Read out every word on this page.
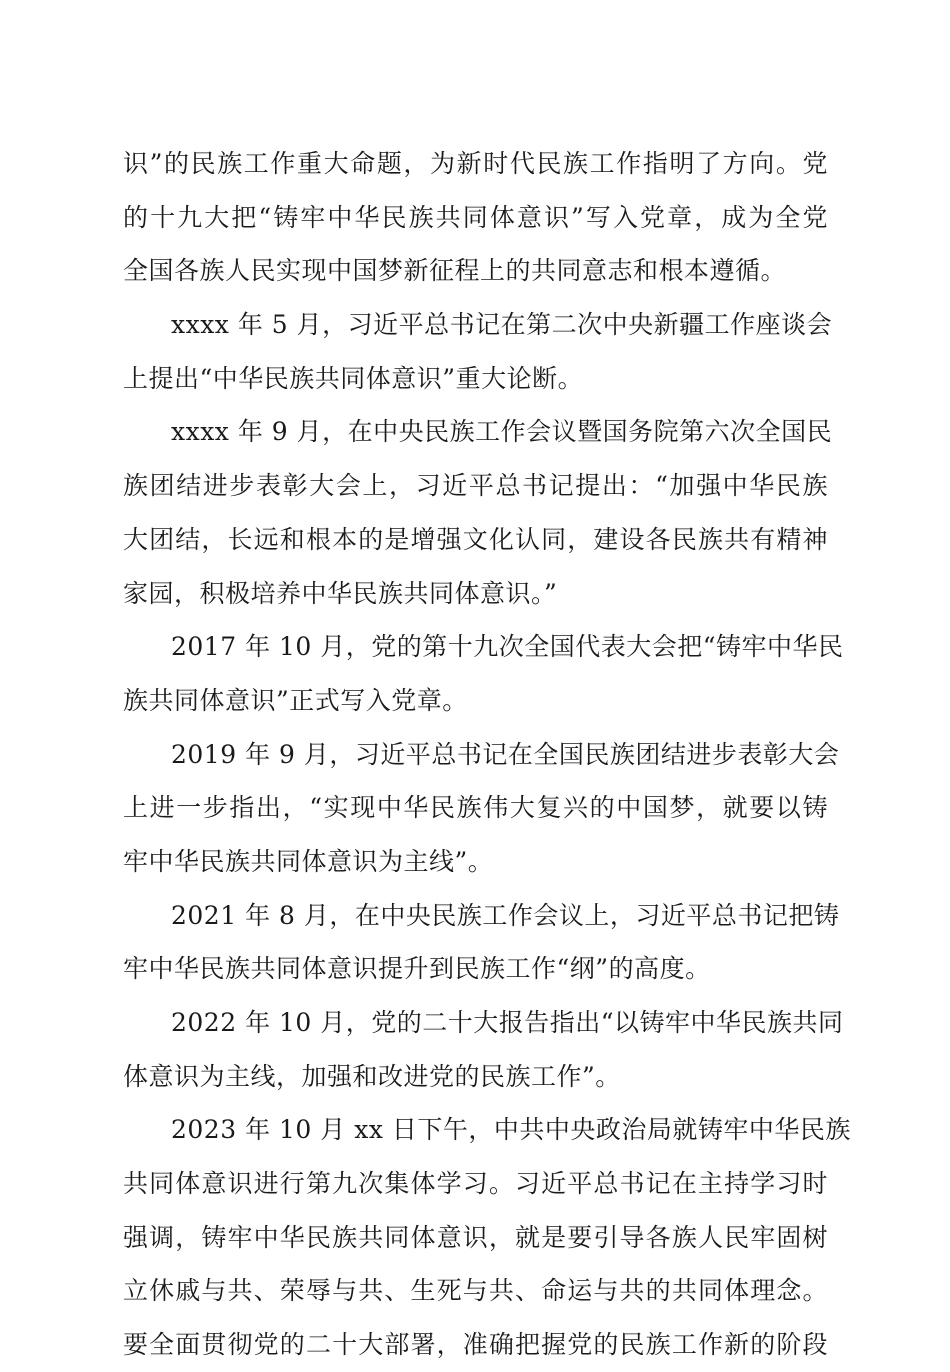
识”的民族工作重大命题，为新时代民族工作指明了方向。党
的十九大把“铸牢中华民族共同体意识”写入党章，成为全党
全国各族人民实现中国梦新征程上的共同意志和根本遵循。
xxxx 年 5 月，习近平总书记在第二次中央新疆工作座谈会
上提出“中华民族共同体意识”重大论断。
xxxx 年 9 月，在中央民族工作会议暨国务院第六次全国民
族团结进步表彰大会上，习近平总书记提出：“加强中华民族
大团结，长远和根本的是增强文化认同，建设各民族共有精神
家园，积极培养中华民族共同体意识。”
2017 年 10 月，党的第十九次全国代表大会把“铸牢中华民
族共同体意识”正式写入党章。
2019 年 9 月，习近平总书记在全国民族团结进步表彰大会
上进一步指出，“实现中华民族伟大复兴的中国梦，就要以铸
牢中华民族共同体意识为主线”。
2021 年 8 月，在中央民族工作会议上，习近平总书记把铸
牢中华民族共同体意识提升到民族工作“纲”的高度。
2022 年 10 月，党的二十大报告指出“以铸牢中华民族共同
体意识为主线，加强和改进党的民族工作”。
2023 年 10 月 xx 日下午，中共中央政治局就铸牢中华民族
共同体意识进行第九次集体学习。习近平总书记在主持学习时
强调，铸牢中华民族共同体意识，就是要引导各族人民牢固树
立休戚与共、荣辱与共、生死与共、命运与共的共同体理念。
要全面贯彻党的二十大部署，准确把握党的民族工作新的阶段
